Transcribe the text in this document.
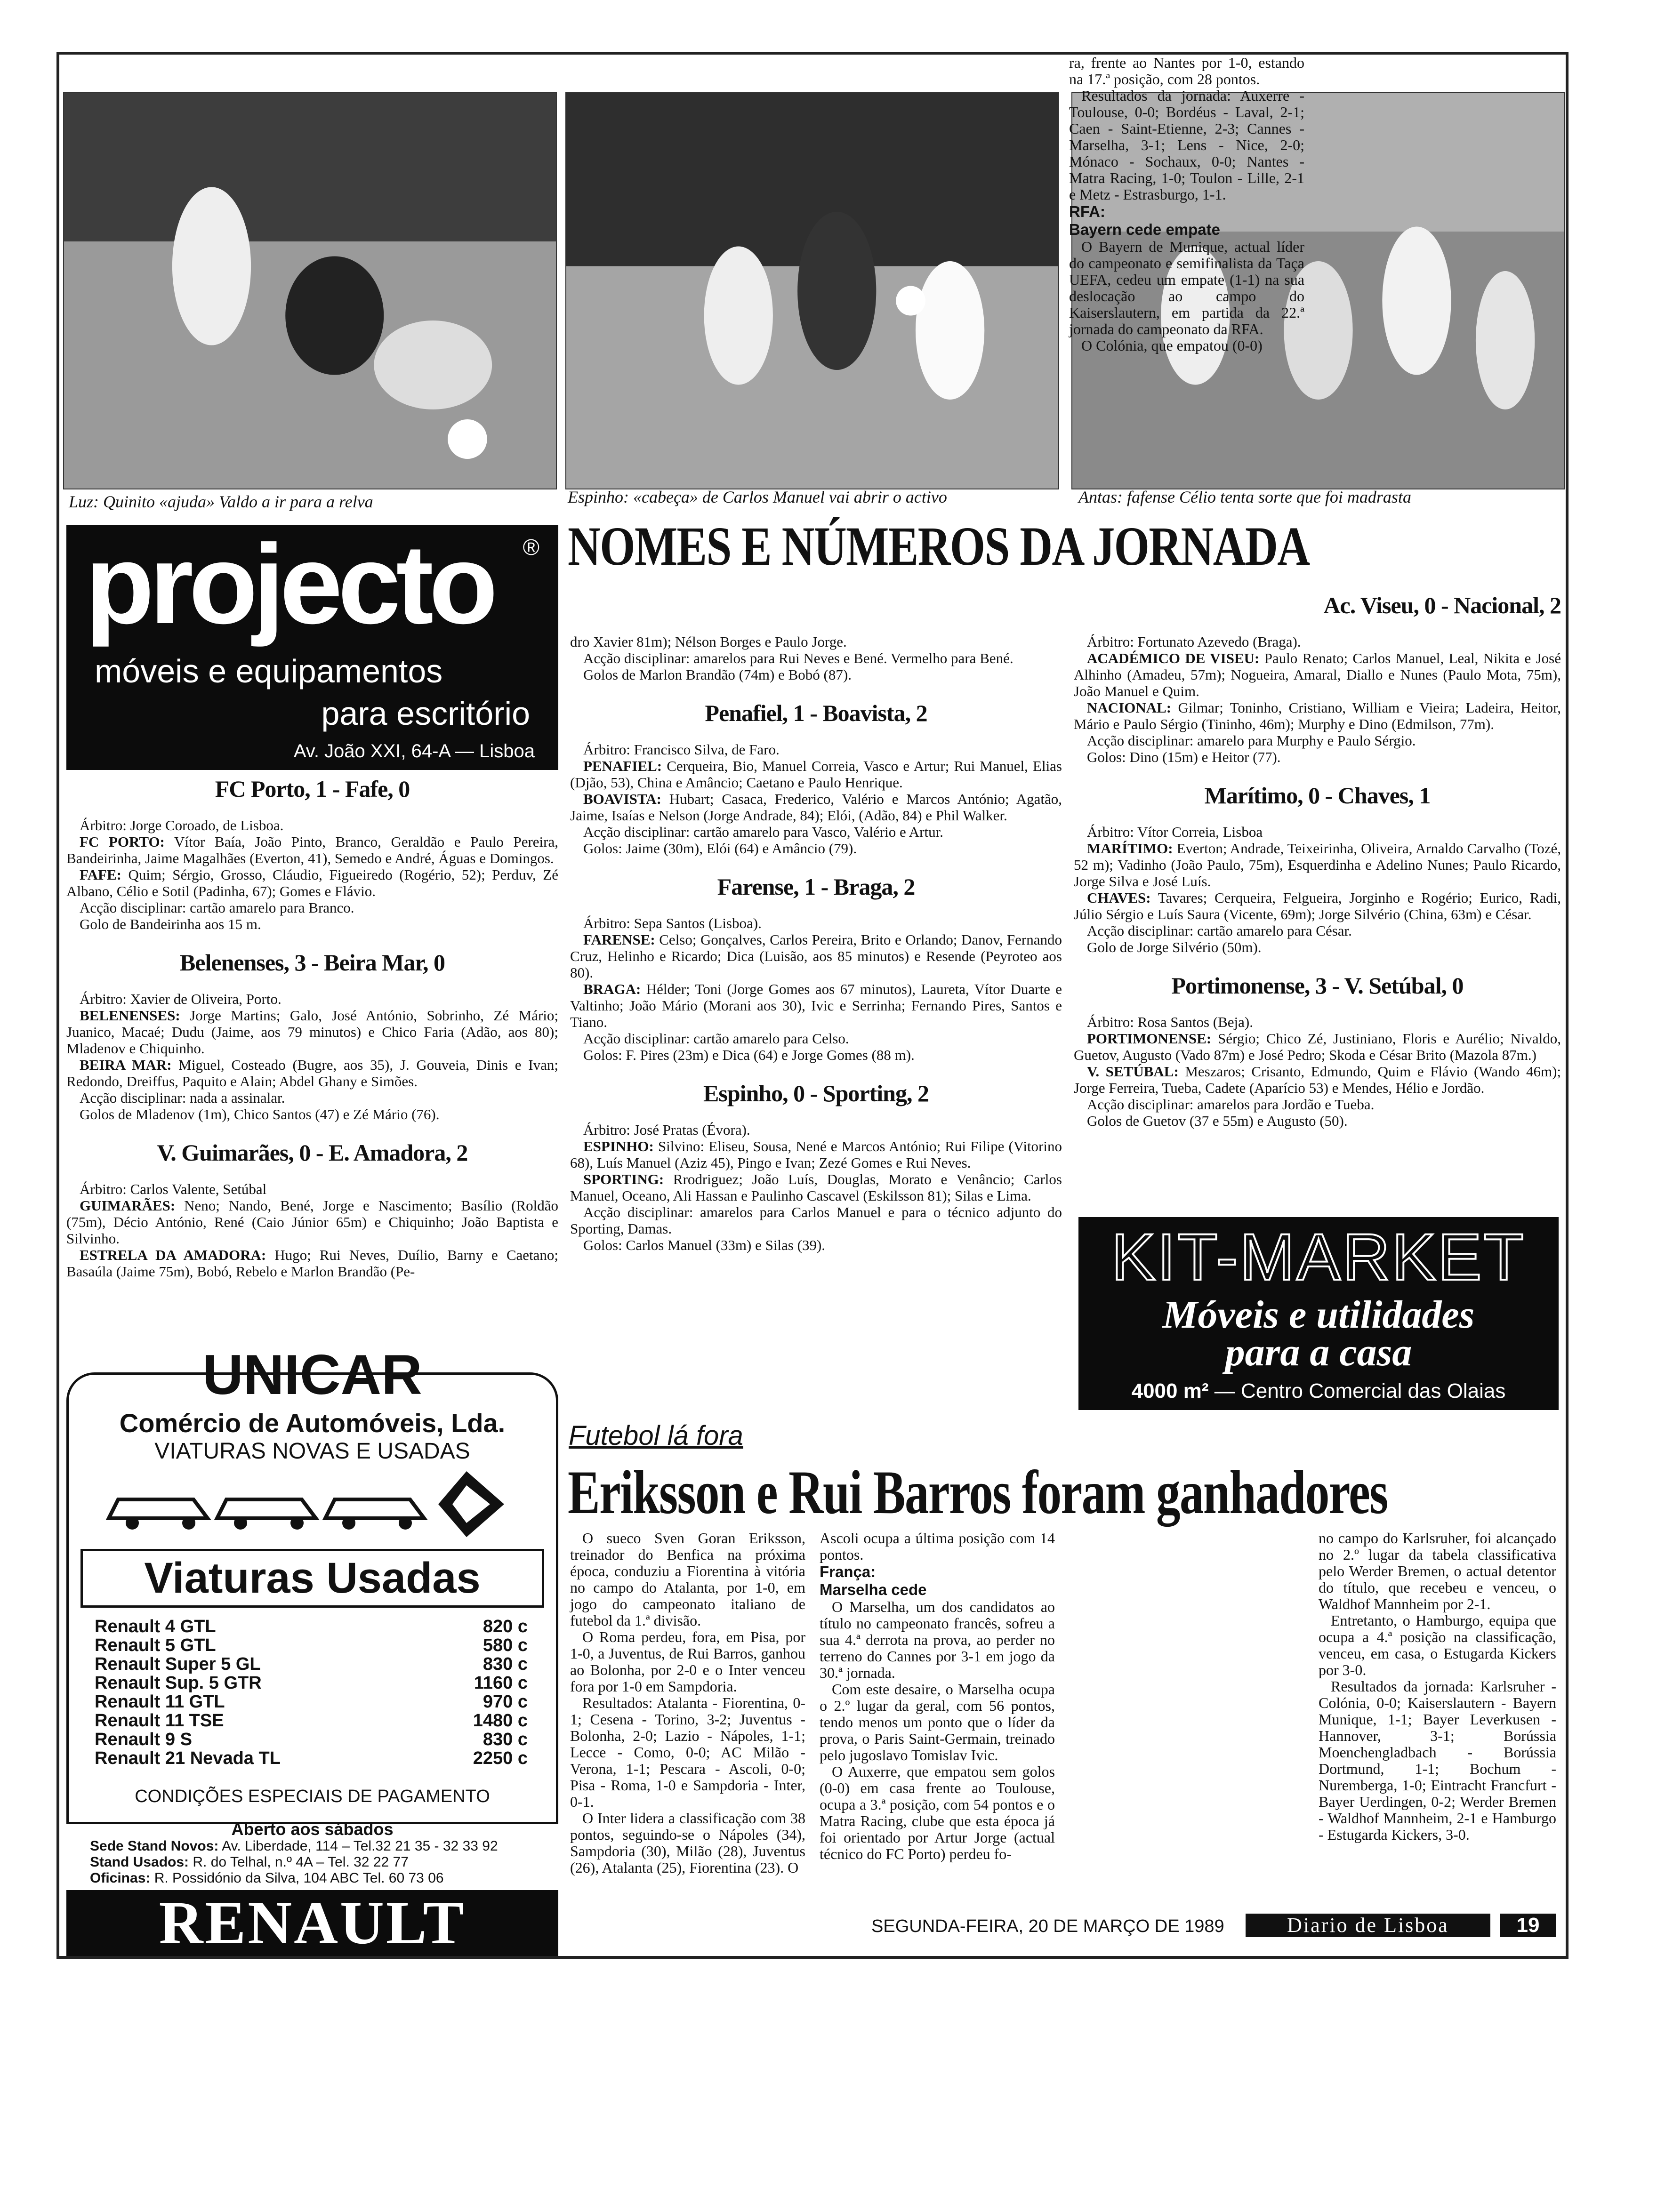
Luz: Quinito «ajuda» Valdo a ir para a relva	Espinho: «cabeça» de Carlos Manuel vai abrir o activo	Antas: fafense Célio tenta sorte que foi madrasta
projecto ®
móveis e equipamentos
para escritório
Av. João XXI, 64-A — Lisboa
NOMES E NÚMEROS DA JORNADA
FC Porto, 1 - Fafe, 0

Árbitro: Jorge Coroado, de Lisboa.

FC PORTO: Vítor Baía, João Pinto, Branco, Geraldão e Paulo Pereira, Bandeirinha, Jaime Magalhães (Everton, 41), Semedo e André, Águas e Domingos.

FAFE: Quim; Sérgio, Grosso, Cláudio, Figueiredo (Rogério, 52); Perduv, Zé Albano, Célio e Sotil (Padinha, 67); Gomes e Flávio.

Acção disciplinar: cartão amarelo para Branco.

Golo de Bandeirinha aos 15 m.

Belenenses, 3 - Beira Mar, 0

Árbitro: Xavier de Oliveira, Porto.

BELENENSES: Jorge Martins; Galo, José António, Sobrinho, Zé Mário; Juanico, Macaé; Dudu (Jaime, aos 79 minutos) e Chico Faria (Adão, aos 80); Mladenov e Chiquinho.

BEIRA MAR: Miguel, Costeado (Bugre, aos 35), J. Gouveia, Dinis e Ivan; Redondo, Dreiffus, Paquito e Alain; Abdel Ghany e Simões.

Acção disciplinar: nada a assinalar.

Golos de Mladenov (1m), Chico Santos (47) e Zé Mário (76).

V. Guimarães, 0 - E. Amadora, 2

Árbitro: Carlos Valente, Setúbal

GUIMARÃES: Neno; Nando, Bené, Jorge e Nascimento; Basílio (Roldão (75m), Décio António, René (Caio Júnior 65m) e Chiquinho; João Baptista e Silvinho.

ESTRELA DA AMADORA: Hugo; Rui Neves, Duílio, Barny e Caetano; Basaúla (Jaime 75m), Bobó, Rebelo e Marlon Brandão (Pe-

dro Xavier 81m); Nélson Borges e Paulo Jorge.

Acção disciplinar: amarelos para Rui Neves e Bené. Vermelho para Bené.

Golos de Marlon Brandão (74m) e Bobó (87).

Penafiel, 1 - Boavista, 2

Árbitro: Francisco Silva, de Faro.

PENAFIEL: Cerqueira, Bio, Manuel Correia, Vasco e Artur; Rui Manuel, Elias (Djão, 53), China e Amâncio; Caetano e Paulo Henrique.

BOAVISTA: Hubart; Casaca, Frederico, Valério e Marcos António; Agatão, Jaime, Isaías e Nelson (Jorge Andrade, 84); Elói, (Adão, 84) e Phil Walker.

Acção disciplinar: cartão amarelo para Vasco, Valério e Artur.

Golos: Jaime (30m), Elói (64) e Amâncio (79).

Farense, 1 - Braga, 2

Árbitro: Sepa Santos (Lisboa).

FARENSE: Celso; Gonçalves, Carlos Pereira, Brito e Orlando; Danov, Fernando Cruz, Helinho e Ricardo; Dica (Luisão, aos 85 minutos) e Resende (Peyroteo aos 80).

BRAGA: Hélder; Toni (Jorge Gomes aos 67 minutos), Laureta, Vítor Duarte e Valtinho; João Mário (Morani aos 30), Ivic e Serrinha; Fernando Pires, Santos e Tiano.

Acção disciplinar: cartão amarelo para Celso.

Golos: F. Pires (23m) e Dica (64) e Jorge Gomes (88 m).

Espinho, 0 - Sporting, 2

Árbitro: José Pratas (Évora).

ESPINHO: Silvino: Eliseu, Sousa, Nené e Marcos António; Rui Filipe (Vitorino 68), Luís Manuel (Aziz 45), Pingo e Ivan; Zezé Gomes e Rui Neves.

SPORTING: Rrodriguez; João Luís, Douglas, Morato e Venâncio; Carlos Manuel, Oceano, Ali Hassan e Paulinho Cascavel (Eskilsson 81); Silas e Lima.

Acção disciplinar: amarelos para Carlos Manuel e para o técnico adjunto do Sporting, Damas.

Golos: Carlos Manuel (33m) e Silas (39).

Ac. Viseu, 0 - Nacional, 2

Árbitro: Fortunato Azevedo (Braga).

ACADÉMICO DE VISEU: Paulo Renato; Carlos Manuel, Leal, Nikita e José Alhinho (Amadeu, 57m); Nogueira, Amaral, Diallo e Nunes (Paulo Mota, 75m), João Manuel e Quim.

NACIONAL: Gilmar; Toninho, Cristiano, William e Vieira; Ladeira, Heitor, Mário e Paulo Sérgio (Tininho, 46m); Murphy e Dino (Edmilson, 77m).

Acção disciplinar: amarelo para Murphy e Paulo Sérgio.

Golos: Dino (15m) e Heitor (77).

Marítimo, 0 - Chaves, 1

Árbitro: Vítor Correia, Lisboa

MARÍTIMO: Everton; Andrade, Teixeirinha, Oliveira, Arnaldo Carvalho (Tozé, 52 m); Vadinho (João Paulo, 75m), Esquerdinha e Adelino Nunes; Paulo Ricardo, Jorge Silva e José Luís.

CHAVES: Tavares; Cerqueira, Felgueira, Jorginho e Rogério; Eurico, Radi, Júlio Sérgio e Luís Saura (Vicente, 69m); Jorge Silvério (China, 63m) e César.

Acção disciplinar: cartão amarelo para César.

Golo de Jorge Silvério (50m).

Portimonense, 3 - V. Setúbal, 0

Árbitro: Rosa Santos (Beja).

PORTIMONENSE: Sérgio; Chico Zé, Justiniano, Floris e Aurélio; Nivaldo, Guetov, Augusto (Vado 87m) e José Pedro; Skoda e César Brito (Mazola 87m.)

V. SETÚBAL: Meszaros; Crisanto, Edmundo, Quim e Flávio (Wando 46m); Jorge Ferreira, Tueba, Cadete (Aparício 53) e Mendes, Hélio e Jordão.

Acção disciplinar: amarelos para Jordão e Tueba.

Golos de Guetov (37 e 55m) e Augusto (50).

UNICAR
Comércio de Automóveis, Lda.
VIATURAS NOVAS E USADAS
Viaturas Usadas
Renault 4 GTL	820 c
Renault 5 GTL	580 c
Renault Super 5 GL	830 c
Renault Sup. 5 GTR	1160 c
Renault 11 GTL	970 c
Renault 11 TSE	1480 c
Renault 9 S	830 c
Renault 21 Nevada TL	2250 c
CONDIÇÕES ESPECIAIS DE PAGAMENTO
Aberto aos sábados
Sede Stand Novos: Av. Liberdade, 114 – Tel.32 21 35 - 32 33 92
Stand Usados: R. do Telhal, n.º 4A – Tel. 32 22 77
Oficinas: R. Possidónio da Silva, 104 ABC Tel. 60 73 06
RENAULT
KIT-MARKET
Móveis e utilidades
para a casa
4000 m² — Centro Comercial das Olaias
Futebol lá fora
Eriksson e Rui Barros foram ganhadores

O sueco Sven Goran Eriksson, treinador do Benfica na próxima época, conduziu a Fiorentina à vitória no campo do Atalanta, por 1-0, em jogo do campeonato italiano de futebol da 1.ª divisão.

O Roma perdeu, fora, em Pisa, por 1-0, a Juventus, de Rui Barros, ganhou ao Bolonha, por 2-0 e o Inter venceu fora por 1-0 em Sampdoria.

Resultados: Atalanta - Fiorentina, 0-1; Cesena - Torino, 3-2; Juventus - Bolonha, 2-0; Lazio - Nápoles, 1-1; Lecce - Como, 0-0; AC Milão - Verona, 1-1; Pescara - Ascoli, 0-0; Pisa - Roma, 1-0 e Sampdoria - Inter, 0-1.

O Inter lidera a classificação com 38 pontos, seguindo-se o Nápoles (34), Sampdoria (30), Milão (28), Juventus (26), Atalanta (25), Fiorentina (23). O

Ascoli ocupa a última posição com 14 pontos.

França:

Marselha cede

O Marselha, um dos candidatos ao título no campeonato francês, sofreu a sua 4.ª derrota na prova, ao perder no terreno do Cannes por 3-1 em jogo da 30.ª jornada.

Com este desaire, o Marselha ocupa o 2.º lugar da geral, com 56 pontos, tendo menos um ponto que o líder da prova, o Paris Saint-Germain, treinado pelo jugoslavo Tomislav Ivic.

O Auxerre, que empatou sem golos (0-0) em casa frente ao Toulouse, ocupa a 3.ª posição, com 54 pontos e o Matra Racing, clube que esta época já foi orientado por Artur Jorge (actual técnico do FC Porto) perdeu fo-

ra, frente ao Nantes por 1-0, estando na 17.ª posição, com 28 pontos.

Resultados da jornada: Auxerre - Toulouse, 0-0; Bordéus - Laval, 2-1; Caen - Saint-Etienne, 2-3; Cannes - Marselha, 3-1; Lens - Nice, 2-0; Mónaco - Sochaux, 0-0; Nantes - Matra Racing, 1-0; Toulon - Lille, 2-1 e Metz - Estrasburgo, 1-1.

RFA:

Bayern cede empate

O Bayern de Munique, actual líder do campeonato e semifinalista da Taça UEFA, cedeu um empate (1-1) na sua deslocação ao campo do Kaiserslautern, em partida da 22.ª jornada do campeonato da RFA.

O Colónia, que empatou (0-0)

no campo do Karlsruher, foi alcançado no 2.º lugar da tabela classificativa pelo Werder Bremen, o actual detentor do título, que recebeu e venceu, o Waldhof Mannheim por 2-1.

Entretanto, o Hamburgo, equipa que ocupa a 4.ª posição na classificação, venceu, em casa, o Estugarda Kickers por 3-0.

Resultados da jornada: Karlsruher - Colónia, 0-0; Kaiserslautern - Bayern Munique, 1-1; Bayer Leverkusen - Hannover, 3-1; Borússia Moenchengladbach - Borússia Dortmund, 1-1; Bochum - Nuremberga, 1-0; Eintracht Francfurt - Bayer Uerdingen, 0-2; Werder Bremen - Waldhof Mannheim, 2-1 e Hamburgo - Estugarda Kickers, 3-0.

SEGUNDA-FEIRA, 20 DE MARÇO DE 1989	Diario de Lisboa	19
